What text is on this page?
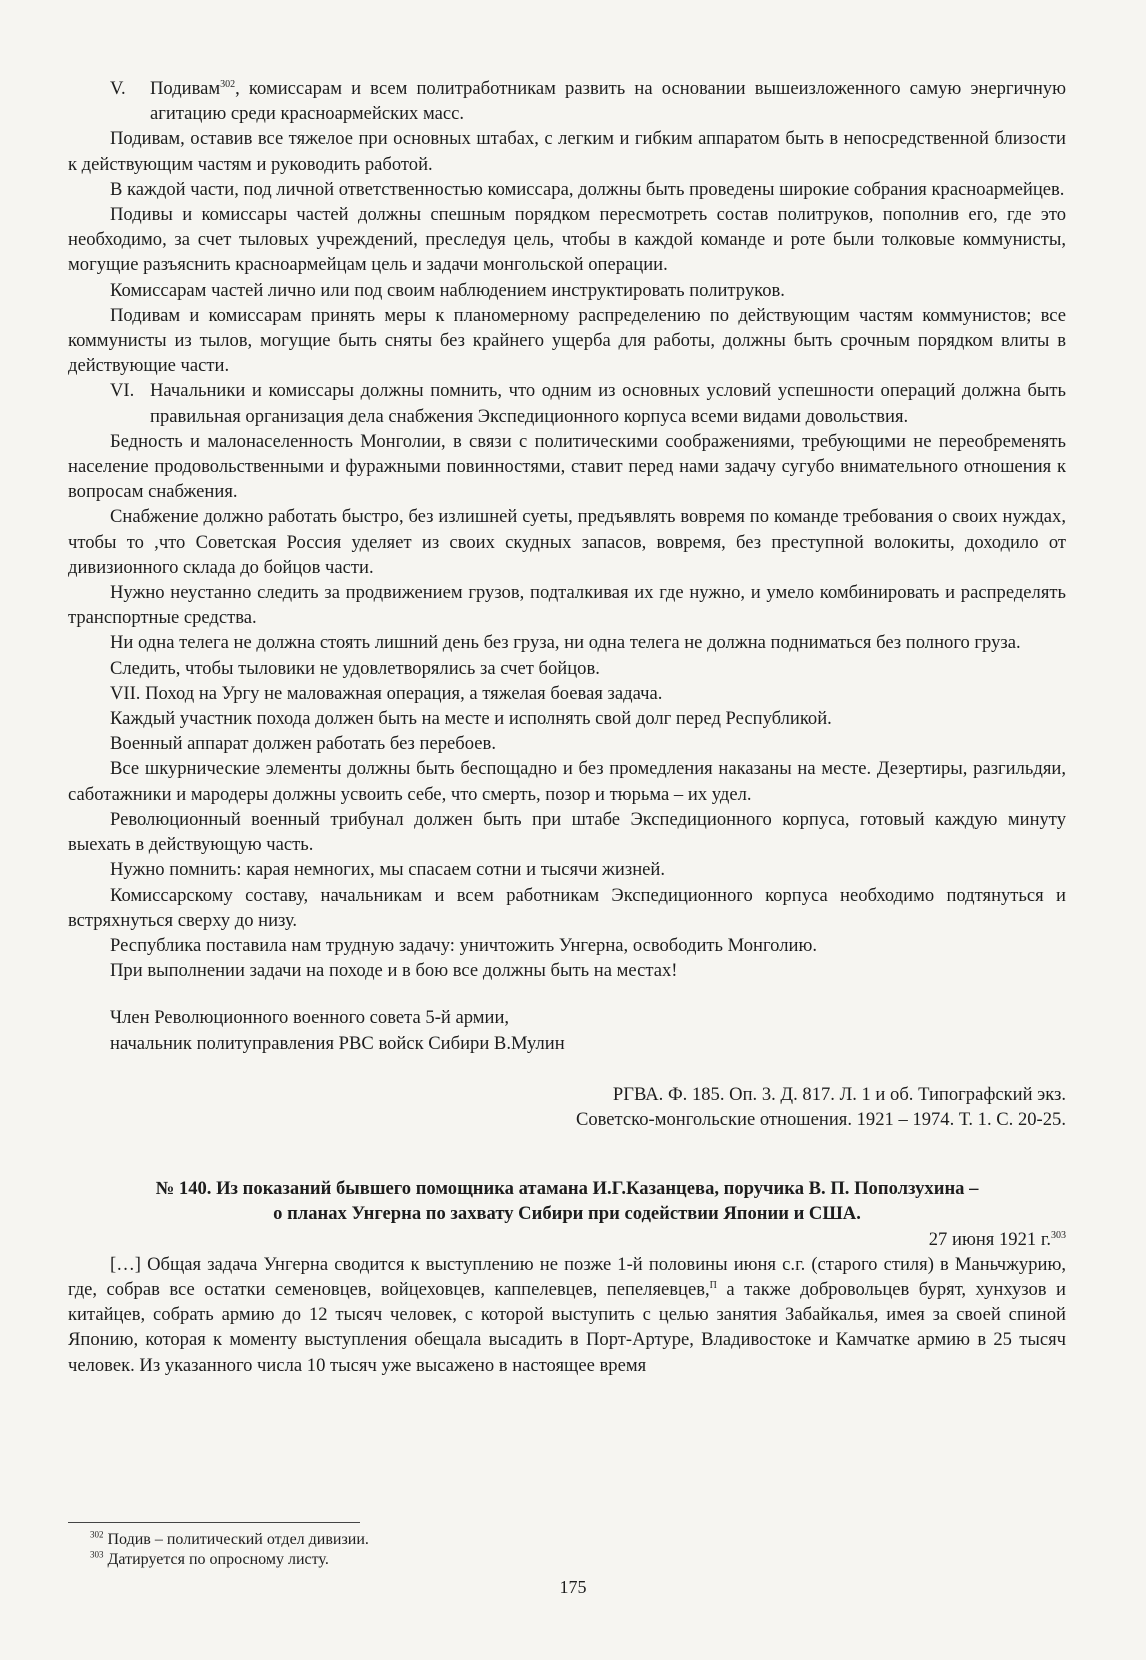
V.	Подивам$^{302}$, комиссарам и всем политработникам развить на основании вышеизложенного самую энергичную агитацию среди красноармейских масс.

Подивам, оставив все тяжелое при основных штабах, с легким и гибким аппаратом быть в непосредственной близости к действующим частям и руководить работой.

В каждой части, под личной ответственностью комиссара, должны быть проведены широкие собрания красноармейцев.

Подивы и комиссары частей должны спешным порядком пересмотреть состав политруков, пополнив его, где это необходимо, за счет тыловых учреждений, преследуя цель, чтобы в каждой команде и роте были толковые коммунисты, могущие разъяснить красноармейцам цель и задачи монгольской операции.

Комиссарам частей лично или под своим наблюдением инструктировать политруков.

Подивам и комиссарам принять меры к планомерному распределению по действующим частям коммунистов; все коммунисты из тылов, могущие быть сняты без крайнего ущерба для работы, должны быть срочным порядком влиты в действующие части.

VI. Начальники и комиссары должны помнить, что одним из основных условий успешности операций должна быть правильная организация дела снабжения Экспедиционного корпуса всеми видами довольствия.

Бедность и малонаселенность Монголии, в связи с политическими соображениями, требующими не переобременять население продовольственными и фуражными повинностями, ставит перед нами задачу сугубо внимательного отношения к вопросам снабжения.

Снабжение должно работать быстро, без излишней суеты, предъявлять вовремя по команде требования о своих нуждах, чтобы то ,что Советская Россия уделяет из своих скудных запасов, вовремя, без преступной волокиты, доходило от дивизионного склада до бойцов части.

Нужно неустанно следить за продвижением грузов, подталкивая их где нужно, и умело комбинировать и распределять транспортные средства.

Ни одна телега не должна стоять лишний день без груза, ни одна телега не должна подниматься без полного груза.

Следить, чтобы тыловики не удовлетворялись за счет бойцов.

VII. Поход на Ургу не маловажная операция, а тяжелая боевая задача.

Каждый участник похода должен быть на месте и исполнять свой долг перед Республикой.

Военный аппарат должен работать без перебоев.

Все шкурнические элементы должны быть беспощадно и без промедления наказаны на месте. Дезертиры, разгильдяи, саботажники и мародеры должны усвоить себе, что смерть, позор и тюрьма – их удел.

Революционный военный трибунал должен быть при штабе Экспедиционного корпуса, готовый каждую минуту выехать в действующую часть.

Нужно помнить: карая немногих, мы спасаем сотни и тысячи жизней.

Комиссарскому составу, начальникам и всем работникам Экспедиционного корпуса необходимо подтянуться и встряхнуться сверху до низу.

Республика поставила нам трудную задачу: уничтожить Унгерна, освободить Монголию.

При выполнении задачи на походе и в бою все должны быть на местах!

Член Революционного военного совета 5-й армии,
начальник политуправления РВС войск Сибири В.Мулин
РГВА. Ф. 185. Оп. 3. Д. 817. Л. 1 и об. Типографский экз.
Советско-монгольские отношения. 1921 – 1974. Т. 1. С. 20-25.
№ 140. Из показаний бывшего помощника атамана И.Г.Казанцева, поручика В. П. Поползухина –
о планах Унгерна по захвату Сибири при содействии Японии и США.
27 июня 1921 г.$^{303}$

[…] Общая задача Унгерна сводится к выступлению не позже 1-й половины июня с.г. (старого стиля) в Маньчжурию, где, собрав все остатки семеновцев, войцеховцев, каппелевцев, пепеляевцев,$^П$ а также добровольцев бурят, хунхузов и китайцев, собрать армию до 12 тысяч человек, с которой выступить с целью занятия Забайкалья, имея за своей спиной Японию, которая к моменту выступления обещала высадить в Порт-Артуре, Владивостоке и Камчатке армию в 25 тысяч человек. Из указанного числа 10 тысяч уже высажено в настоящее время

$^{302}$ Подив – политический отдел дивизии.
$^{303}$ Датируется по опросному листу.
175
